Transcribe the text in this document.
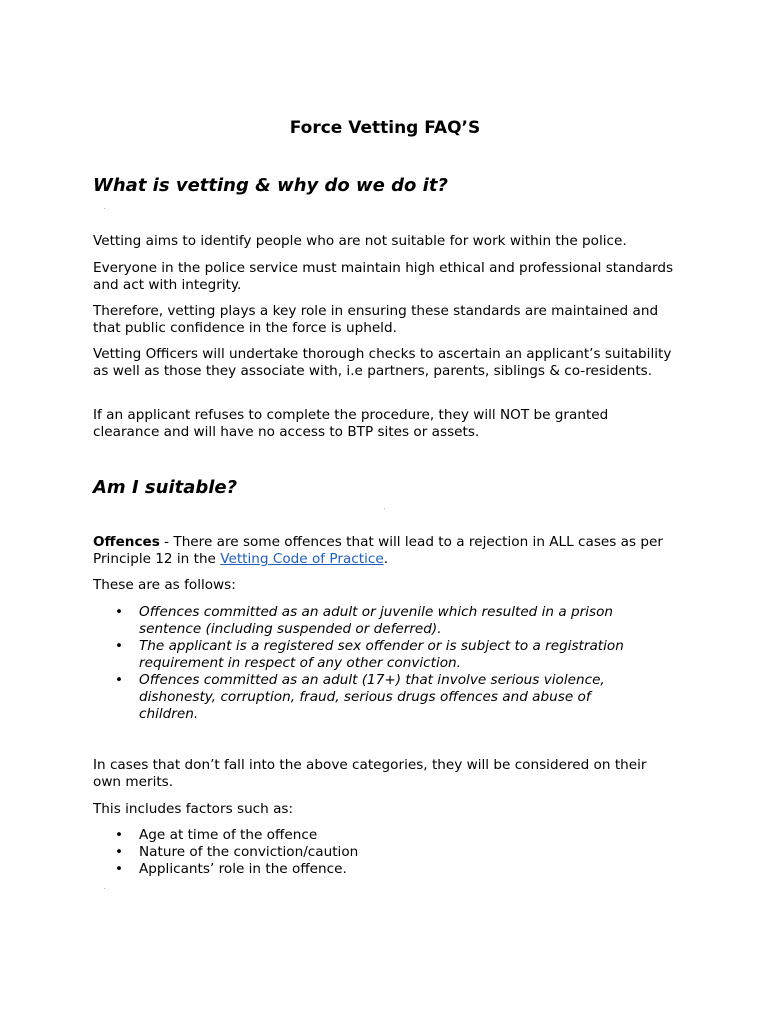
Force Vetting FAQ’S
What is vetting & why do we do it?

Vetting aims to identify people who are not suitable for work within the police.

Everyone in the police service must maintain high ethical and professional standards and act with integrity.

Therefore, vetting plays a key role in ensuring these standards are maintained and that public confidence in the force is upheld.

Vetting Officers will undertake thorough checks to ascertain an applicant’s suitability as well as those they associate with, i.e partners, parents, siblings & co-residents.

If an applicant refuses to complete the procedure, they will NOT be granted clearance and will have no access to BTP sites or assets.

Am I suitable?

Offences - There are some offences that will lead to a rejection in ALL cases as per Principle 12 in the Vetting Code of Practice.

These are as follows:

• Offences committed as an adult or juvenile which resulted in a prison sentence (including suspended or deferred).
• The applicant is a registered sex offender or is subject to a registration requirement in respect of any other conviction.
• Offences committed as an adult (17+) that involve serious violence, dishonesty, corruption, fraud, serious drugs offences and abuse of children.

In cases that don’t fall into the above categories, they will be considered on their own merits.

This includes factors such as:

• Age at time of the offence
• Nature of the conviction/caution
• Applicants’ role in the offence.
